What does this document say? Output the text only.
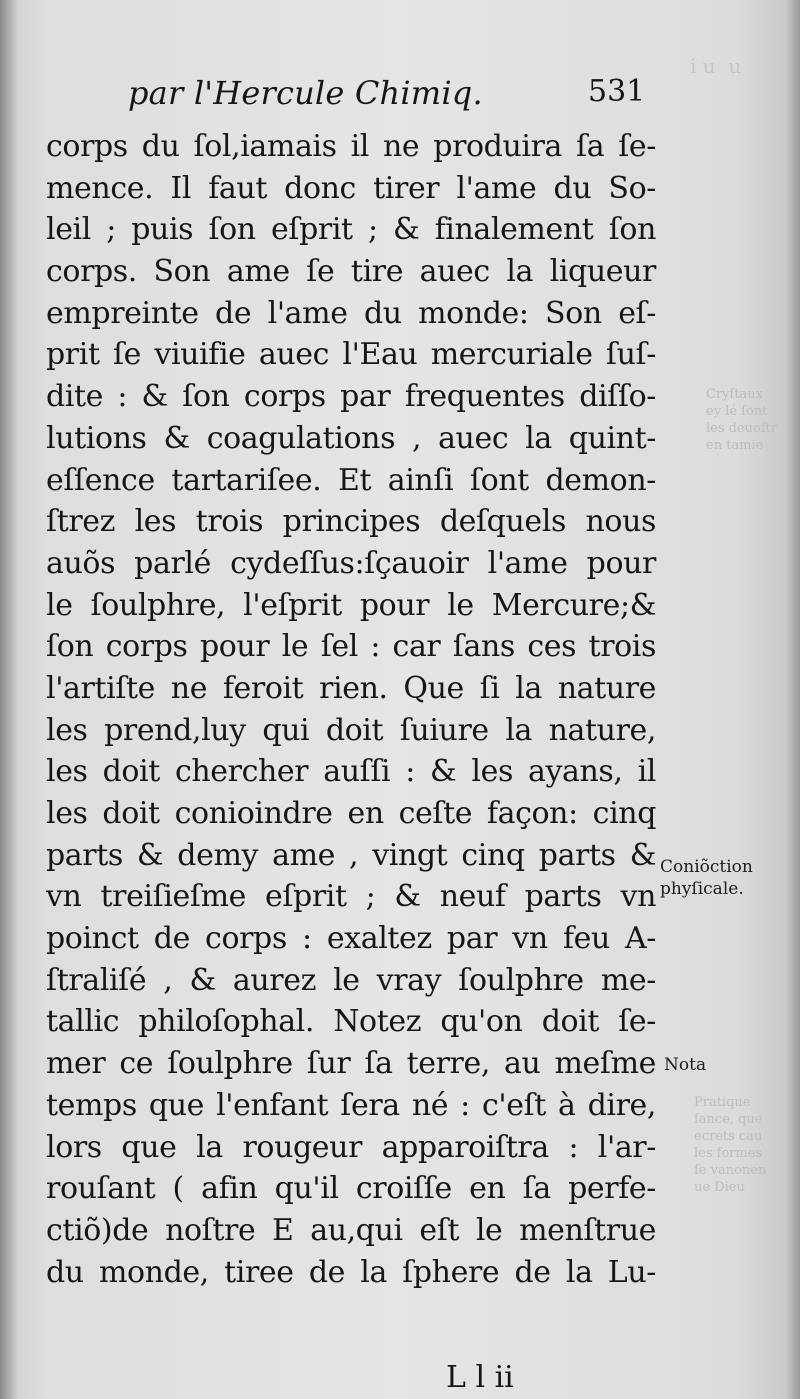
i u  u
Cryſtaux
ey lé ſont
les deuoſtr
en tamie
Pratique
ſance, que
ecrets cau
les formes
ſe vanonen
ue Dieu
par l'Hercule Chimiq.	531
corps du ſol,iamais il ne produira ſa ſe-
mence. Il faut donc tirer l'ame du So-
leil ; puis ſon eſprit ; & finalement ſon
corps. Son ame ſe tire auec la liqueur
empreinte de l'ame du monde: Son eſ-
prit ſe viuifie auec l'Eau mercuriale ſuſ-
dite : & ſon corps par frequentes diſſo-
lutions & coagulations , auec la quint-
eſſence tartariſee. Et ainſi ſont demon-
ſtrez les trois principes deſquels nous
auõs parlé cydeſſus:ſçauoir l'ame pour
le ſoulphre, l'eſprit pour le Mercure;&
ſon corps pour le ſel : car ſans ces trois
l'artiſte ne feroit rien. Que ſi la nature
les prend,luy qui doit ſuiure la nature,
les doit chercher auſſi : & les ayans, il
les doit conioindre en ceſte façon: cinq
parts & demy ame , vingt cinq parts &
vn treiſieſme eſprit ; & neuf parts vn
poinct de corps : exaltez par vn feu A-
ſtraliſé , & aurez le vray ſoulphre me-
tallic philoſophal. Notez qu'on doit ſe-
mer ce ſoulphre ſur ſa terre, au meſme
temps que l'enfant ſera né : c'eſt à dire,
lors que la rougeur apparoiſtra : l'ar-
rouſant ( afin qu'il croiſſe en ſa perfe-
ctiõ)de noſtre E au,qui eſt le menſtrue
du monde, tiree de la ſphere de la Lu-
Coniõction
phyſicale.
Nota
L l ii
